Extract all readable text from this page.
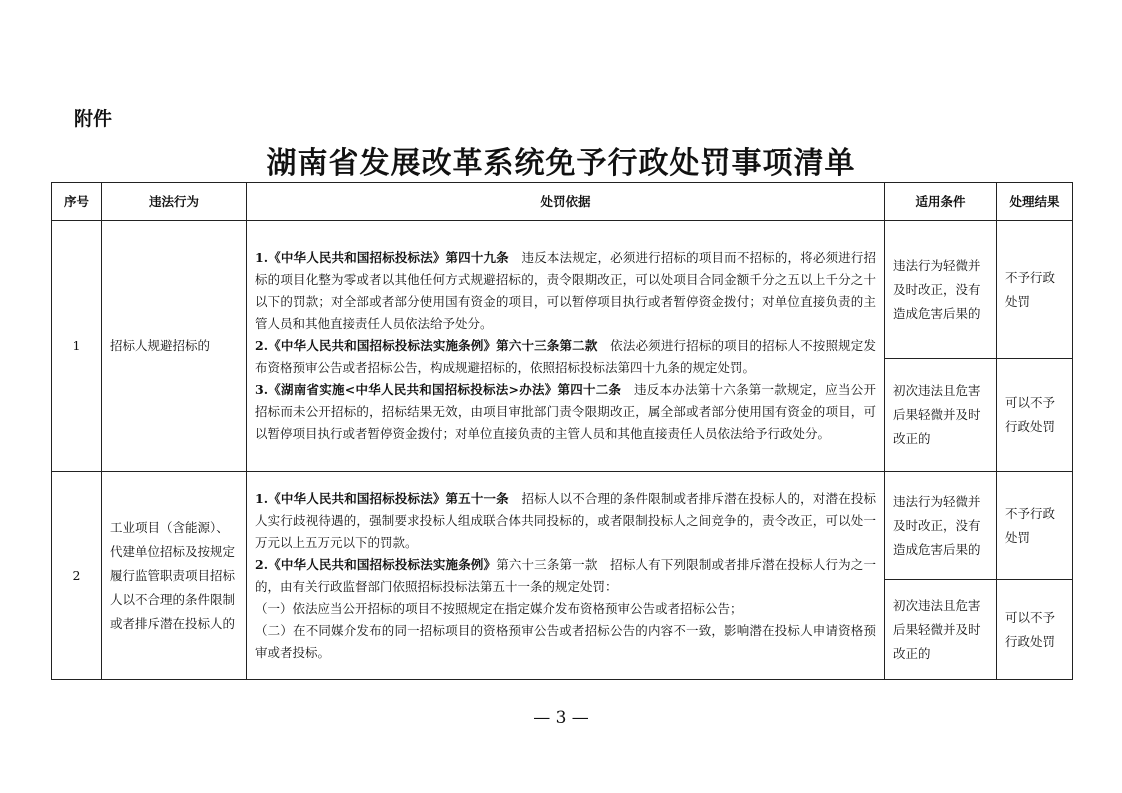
附件
湖南省发展改革系统免予行政处罚事项清单
序号	违法行为	处罚依据	适用条件	处理结果
1	招标人规避招标的	1.《中华人民共和国招标投标法》第四十九条　 违反本法规定，必须进行招标的项目而不招标的，将必须进行招标的项目化整为零或者以其他任何方式规避招标的，责令限期改正，可以处项目合同金额千分之五以上千分之十以下的罚款；对全部或者部分使用国有资金的项目，可以暂停项目执行或者暂停资金拨付；对单位直接负责的主管人员和其他直接责任人员依法给予处分。
2.《中华人民共和国招标投标法实施条例》第六十三条第二款　 依法必须进行招标的项目的招标人不按照规定发布资格预审公告或者招标公告，构成规避招标的，依照招标投标法第四十九条的规定处罚。
3.《湖南省实施<中华人民共和国招标投标法>办法》第四十二条　 违反本办法第十六条第一款规定，应当公开招标而未公开招标的，招标结果无效，由项目审批部门责令限期改正，属全部或者部分使用国有资金的项目，可以暂停项目执行或者暂停资金拨付；对单位直接负责的主管人员和其他直接责任人员依法给予行政处分。	违法行为轻微并及时改正，没有造成危害后果的	不予行政处罚
			初次违法且危害后果轻微并及时改正的	可以不予行政处罚
2	工业项目（含能源）、代建单位招标及按规定履行监管职责项目招标人以不合理的条件限制或者排斥潜在投标人的	1.《中华人民共和国招标投标法》第五十一条　 招标人以不合理的条件限制或者排斥潜在投标人的，对潜在投标人实行歧视待遇的，强制要求投标人组成联合体共同投标的，或者限制投标人之间竞争的，责令改正，可以处一万元以上五万元以下的罚款。
2.《中华人民共和国招标投标法实施条例》第六十三条第一款　招标人有下列限制或者排斥潜在投标人行为之一的，由有关行政监督部门依照招标投标法第五十一条的规定处罚：
（一）依法应当公开招标的项目不按照规定在指定媒介发布资格预审公告或者招标公告；
（二）在不同媒介发布的同一招标项目的资格预审公告或者招标公告的内容不一致，影响潜在投标人申请资格预审或者投标。	违法行为轻微并及时改正，没有造成危害后果的	不予行政处罚
			初次违法且危害后果轻微并及时改正的	可以不予行政处罚
— 3 —
